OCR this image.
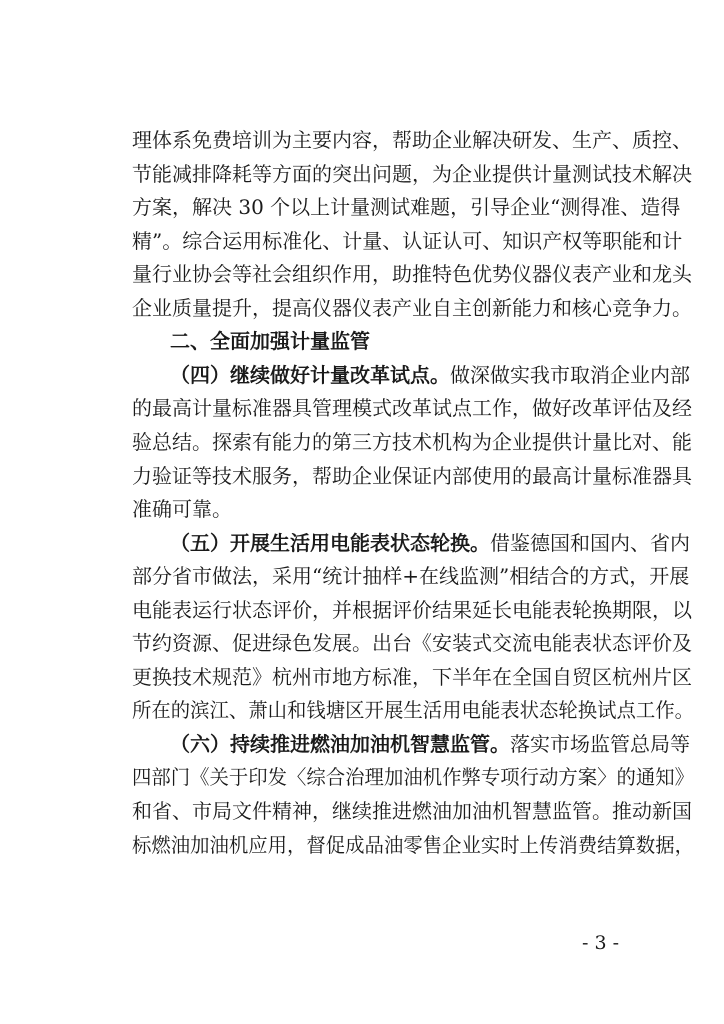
理体系免费培训为主要内容，帮助企业解决研发、生产、质控、
节能减排降耗等方面的突出问题，为企业提供计量测试技术解决
方案，解决 30 个以上计量测试难题，引导企业“测得准、造得
精”。综合运用标准化、计量、认证认可、知识产权等职能和计
量行业协会等社会组织作用，助推特色优势仪器仪表产业和龙头
企业质量提升，提高仪器仪表产业自主创新能力和核心竞争力。
二、全面加强计量监管
（四）继续做好计量改革试点。做深做实我市取消企业内部
的最高计量标准器具管理模式改革试点工作，做好改革评估及经
验总结。探索有能力的第三方技术机构为企业提供计量比对、能
力验证等技术服务，帮助企业保证内部使用的最高计量标准器具
准确可靠。
（五）开展生活用电能表状态轮换。借鉴德国和国内、省内
部分省市做法，采用“统计抽样+在线监测”相结合的方式，开展
电能表运行状态评价，并根据评价结果延长电能表轮换期限，以
节约资源、促进绿色发展。出台《安装式交流电能表状态评价及
更换技术规范》杭州市地方标准，下半年在全国自贸区杭州片区
所在的滨江、萧山和钱塘区开展生活用电能表状态轮换试点工作。
（六）持续推进燃油加油机智慧监管。落实市场监管总局等
四部门《关于印发〈综合治理加油机作弊专项行动方案〉的通知》
和省、市局文件精神，继续推进燃油加油机智慧监管。推动新国
标燃油加油机应用，督促成品油零售企业实时上传消费结算数据，
- 3 -
